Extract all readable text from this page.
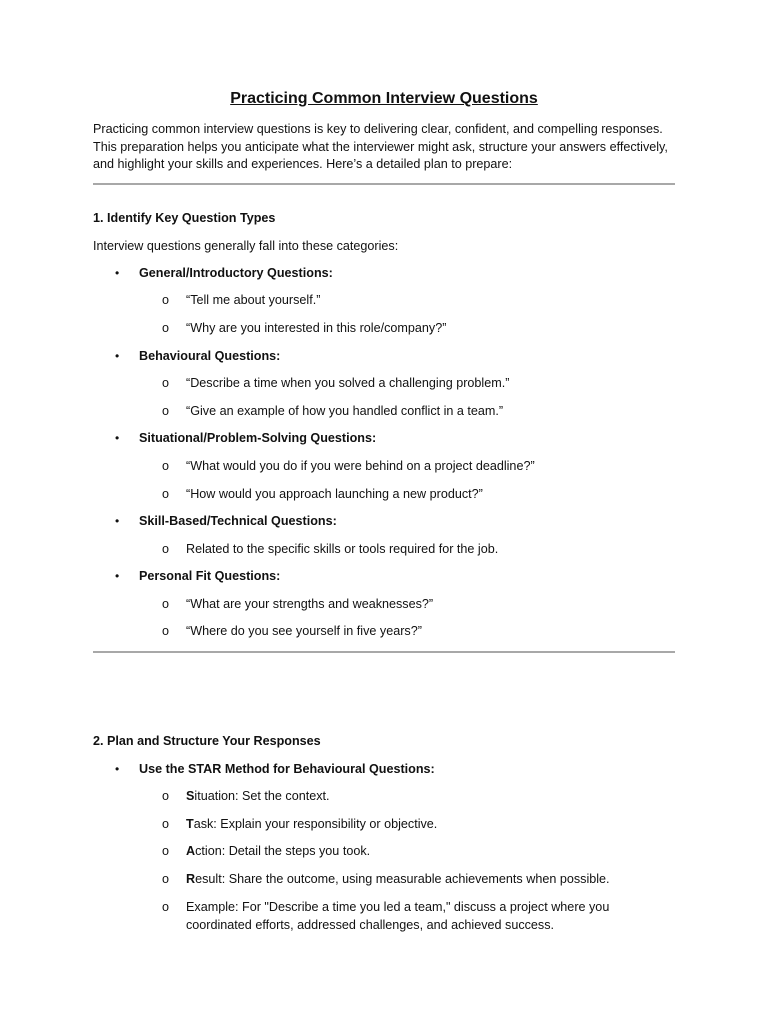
Practicing Common Interview Questions
Practicing common interview questions is key to delivering clear, confident, and compelling responses. This preparation helps you anticipate what the interviewer might ask, structure your answers effectively, and highlight your skills and experiences. Here’s a detailed plan to prepare:
1. Identify Key Question Types
Interview questions generally fall into these categories:
• General/Introductory Questions:
o “Tell me about yourself.”
o “Why are you interested in this role/company?”
• Behavioural Questions:
o “Describe a time when you solved a challenging problem.”
o “Give an example of how you handled conflict in a team.”
• Situational/Problem-Solving Questions:
o “What would you do if you were behind on a project deadline?”
o “How would you approach launching a new product?”
• Skill-Based/Technical Questions:
o Related to the specific skills or tools required for the job.
• Personal Fit Questions:
o “What are your strengths and weaknesses?”
o “Where do you see yourself in five years?”
2. Plan and Structure Your Responses
• Use the STAR Method for Behavioural Questions:
o Situation: Set the context.
o Task: Explain your responsibility or objective.
o Action: Detail the steps you took.
o Result: Share the outcome, using measurable achievements when possible.
o Example: For "Describe a time you led a team," discuss a project where you coordinated efforts, addressed challenges, and achieved success.
